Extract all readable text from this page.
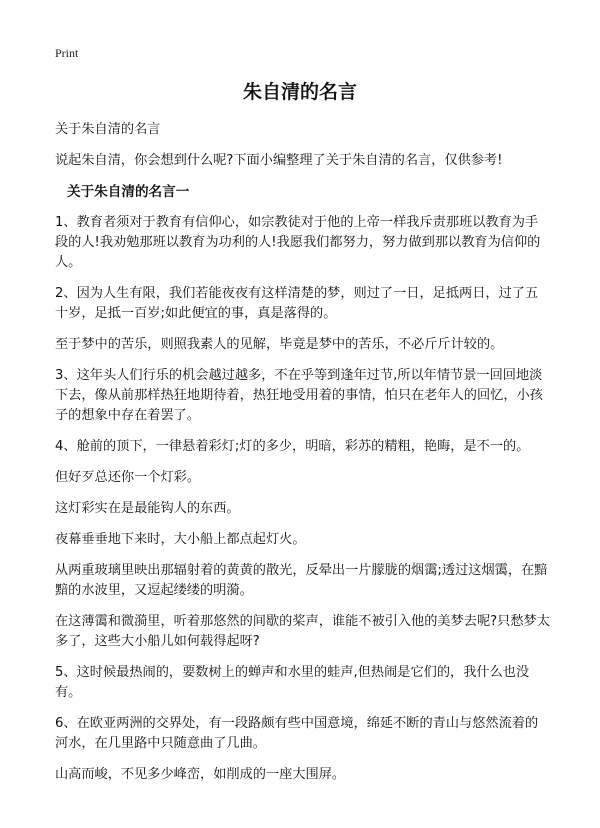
Print
朱自清的名言

关于朱自清的名言

说起朱自清，你会想到什么呢?下面小编整理了关于朱自清的名言，仅供参考!

关于朱自清的名言一

1、教育者须对于教育有信仰心，如宗教徒对于他的上帝一样我斥责那班以教育为手段的人!我劝勉那班以教育为功利的人!我愿我们都努力，努力做到那以教育为信仰的人。

2、因为人生有限，我们若能夜夜有这样清楚的梦，则过了一日，足抵两日，过了五十岁，足抵一百岁;如此便宜的事，真是落得的。

至于梦中的苦乐，则照我素人的见解，毕竟是梦中的苦乐，不必斤斤计较的。

3、这年头人们行乐的机会越过越多，不在乎等到逢年过节,所以年情节景一回回地淡下去，像从前那样热狂地期待着，热狂地受用着的事情，怕只在老年人的回忆，小孩子的想象中存在着罢了。

4、舱前的顶下，一律悬着彩灯;灯的多少，明暗，彩苏的精粗，艳晦，是不一的。

但好歹总还你一个灯彩。

这灯彩实在是最能钩人的东西。

夜幕垂垂地下来时，大小船上都点起灯火。

从两重玻璃里映出那辐射着的黄黄的散光，反晕出一片朦胧的烟霭;透过这烟霭，在黯黯的水波里，又逗起缕缕的明漪。

在这薄霭和微漪里，听着那悠然的间歇的桨声，谁能不被引入他的美梦去呢?只愁梦太多了，这些大小船儿如何载得起呀?

5、这时候最热闹的，要数树上的蝉声和水里的蛙声,但热闹是它们的，我什么也没有。

6、在欧亚两洲的交界处，有一段路颇有些中国意境，绵延不断的青山与悠然流着的河水，在几里路中只随意曲了几曲。

山高而峻，不见多少峰峦，如削成的一座大围屏。
